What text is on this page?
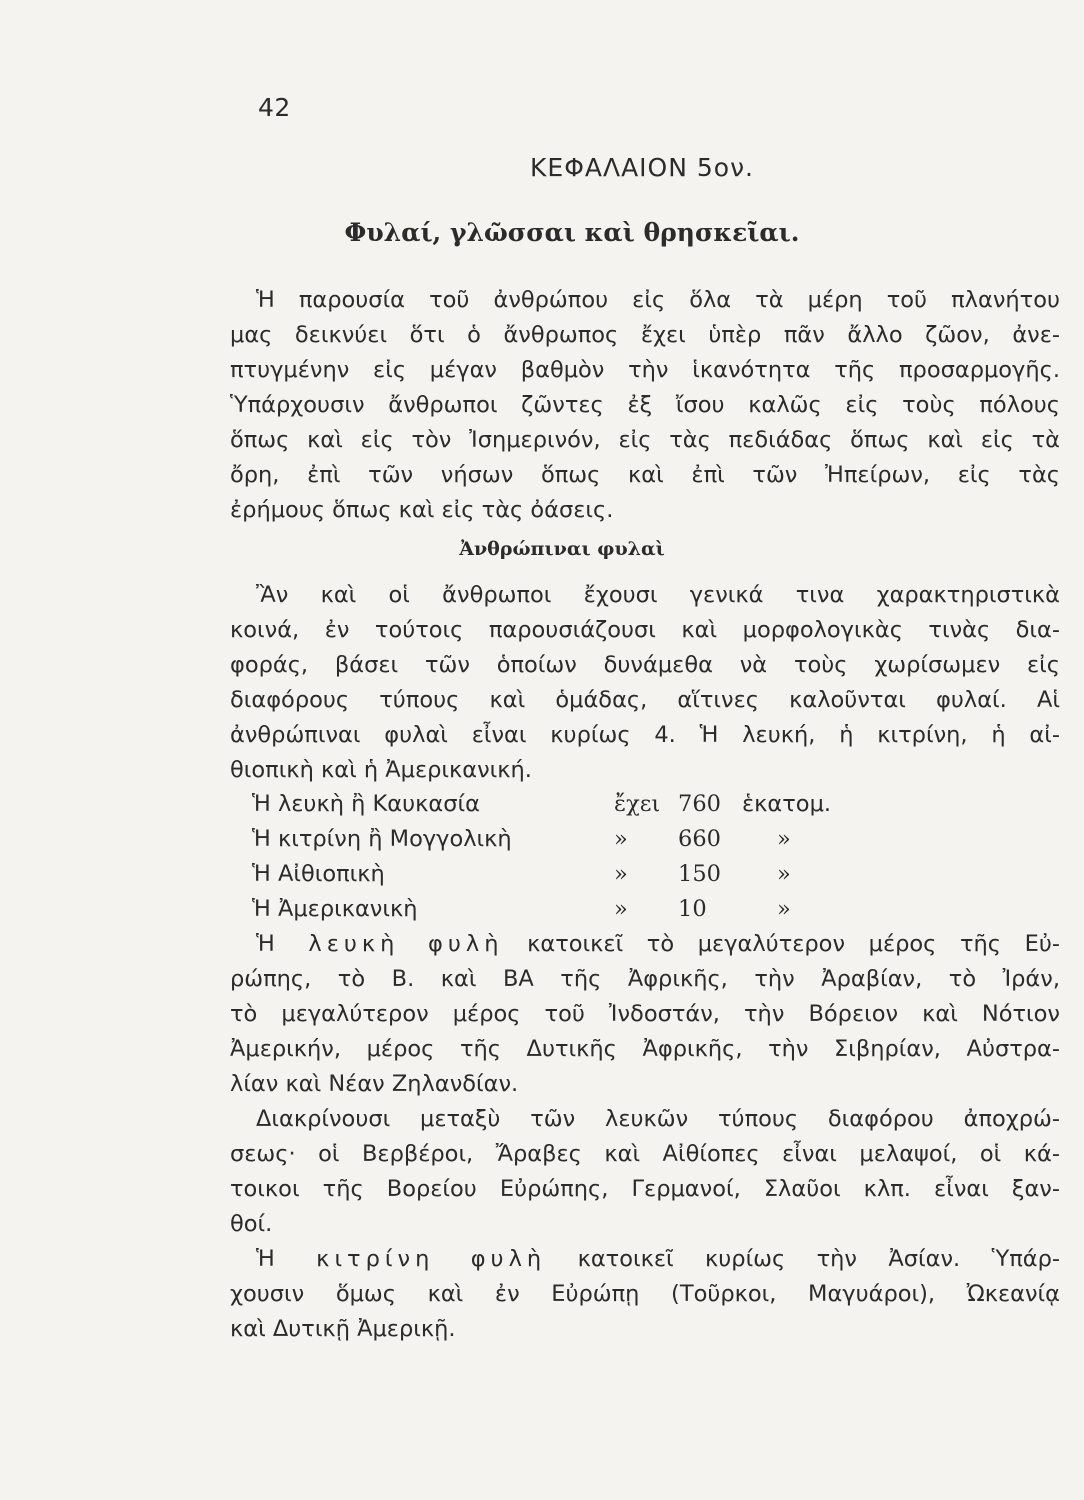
42
ΚΕΦΑΛΑΙΟΝ 5ον.
Φυλαί, γλῶσσαι καὶ θρησκεῖαι.
Ἡ παρουσία τοῦ ἀνθρώπου εἰς ὅλα τὰ μέρη τοῦ πλανήτου
μας δεικνύει ὅτι ὁ ἄνθρωπος ἔχει ὑπὲρ πᾶν ἄλλο ζῶον, ἀνε-
πτυγμένην εἰς μέγαν βαθμὸν τὴν ἱκανότητα τῆς προσαρμογῆς.
Ὑπάρχουσιν ἄνθρωποι ζῶντες ἐξ ἴσου καλῶς εἰς τοὺς πόλους
ὅπως καὶ εἰς τὸν Ἰσημερινόν, εἰς τὰς πεδιάδας ὅπως καὶ εἰς τὰ
ὄρη, ἐπὶ τῶν νήσων ὅπως καὶ ἐπὶ τῶν Ἠπείρων, εἰς τὰς
ἐρήμους ὅπως καὶ εἰς τὰς ὀάσεις.
Ἀνθρώπιναι φυλαὶ
Ἂν καὶ οἱ ἄνθρωποι ἔχουσι γενικά τινα χαρακτηριστικὰ
κοινά, ἐν τούτοις παρουσιάζουσι καὶ μορφολογικὰς τινὰς δια-
φοράς, βάσει τῶν ὁποίων δυνάμεθα νὰ τοὺς χωρίσωμεν εἰς
διαφόρους τύπους καὶ ὁμάδας, αἵτινες καλοῦνται φυλαί. Αἱ
ἀνθρώπιναι φυλαὶ εἶναι κυρίως 4. Ἡ λευκή, ἡ κιτρίνη, ἡ αἰ-
θιοπικὴ καὶ ἡ Ἀμερικανική.
Ἡ λευκὴ ἢ Καυκασία	ἔχει 760 ἑκατομ.
Ἡ κιτρίνη ἢ Μογγολικὴ	» 660 »
Ἡ Αἰθιοπικὴ	» 150 »
Ἡ Ἀμερικανικὴ	» 10	»
Ἡ λευκὴ φυλὴ κατοικεῖ τὸ μεγαλύτερον μέρος τῆς Εὐ-
ρώπης, τὸ Β. καὶ ΒΑ τῆς Ἀφρικῆς, τὴν Ἀραβίαν, τὸ Ἰράν,
τὸ μεγαλύτερον μέρος τοῦ Ἰνδοστάν, τὴν Βόρειον καὶ Νότιον
Ἀμερικήν, μέρος τῆς Δυτικῆς Ἀφρικῆς, τὴν Σιβηρίαν, Αὐστρα-
λίαν καὶ Νέαν Ζηλανδίαν.
Διακρίνουσι μεταξὺ τῶν λευκῶν τύπους διαφόρου ἀποχρώ-
σεως· οἱ Βερβέροι, Ἄραβες καὶ Αἰθίοπες εἶναι μελαψοί, οἱ κά-
τοικοι τῆς Βορείου Εὐρώπης, Γερμανοί, Σλαῦοι κλπ. εἶναι ξαν-
θοί.
Ἡ κιτρίνη φυλὴ κατοικεῖ κυρίως τὴν Ἀσίαν. Ὑπάρ-
χουσιν ὅμως καὶ ἐν Εὐρώπῃ (Τοῦρκοι, Μαγυάροι), Ὠκεανίᾳ
καὶ Δυτικῇ Ἀμερικῇ.
